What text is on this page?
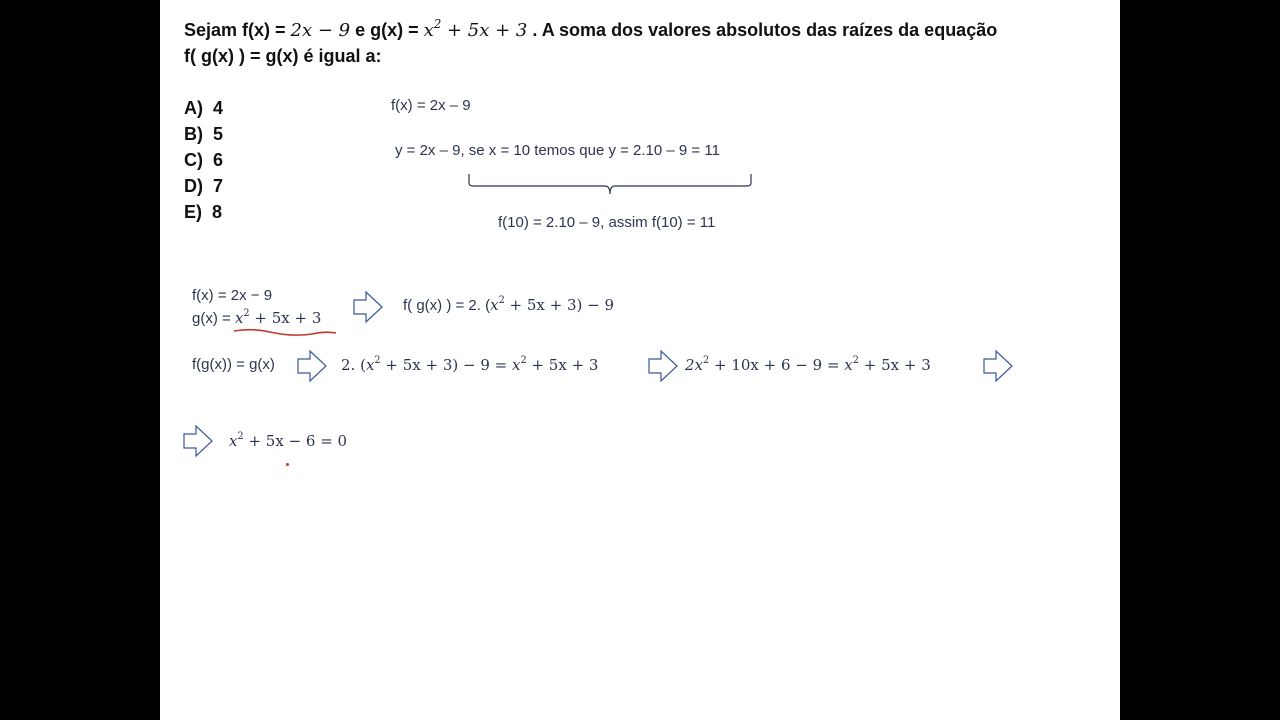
Sejam f(x) = 2x − 9 e $g(x) = x^2 + 5x + 3$ . A soma dos valores absolutos das raízes da equação
f( g(x) ) = g(x) é igual a:
A) 4
B) 5
C) 6
D) 7
E) 8
f(x) = 2x – 9
y = 2x – 9, se x = 10 temos que y = 2.10 – 9 = 11
f(10) = 2.10 – 9, assim f(10) = 11
f(x) = 2x − 9
$g(x) = x^2 + 5x + 3$
f( g(x) ) = 2. $(x^2 + 5x + 3) - 9$
f(g(x)) = g(x)	2. $(x^2 + 5x + 3) - 9 = x^2 + 5x + 3$	$2x^2 + 10x + 6 - 9 = x^2 + 5x + 3$
$x^2 + 5x - 6 = 0$
